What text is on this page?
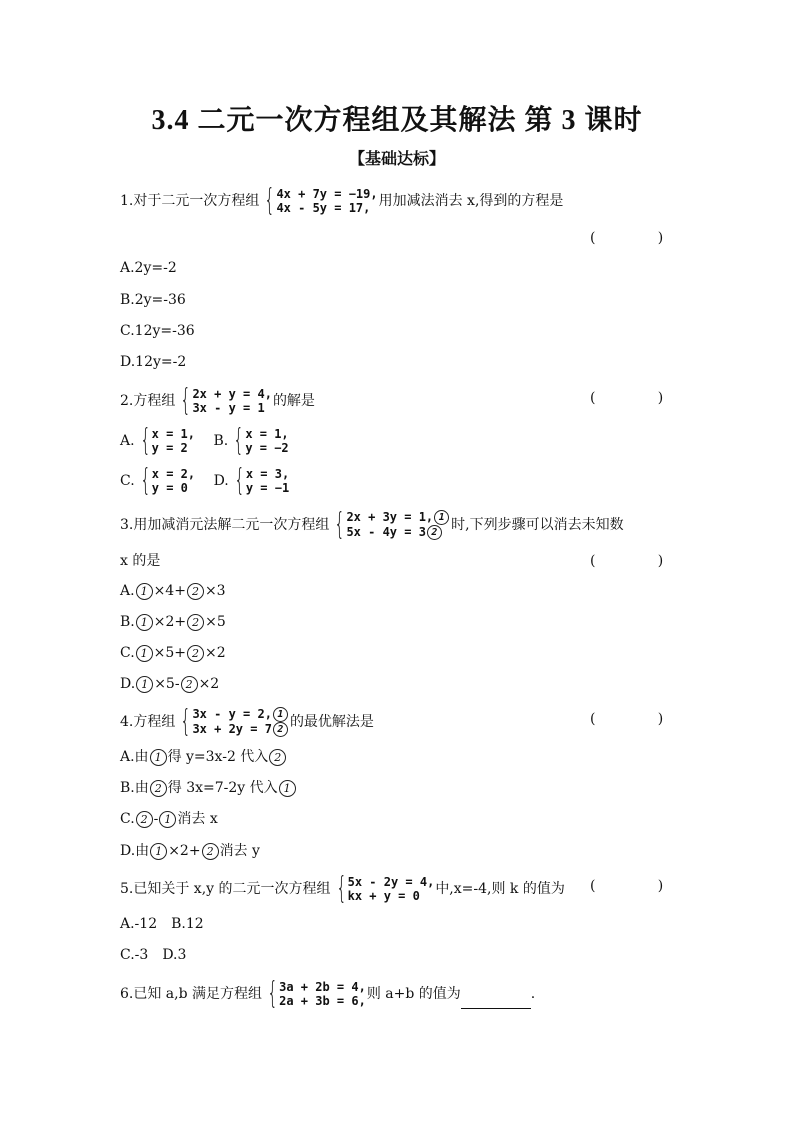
3.4 二元一次方程组及其解法 第 3 课时
【基础达标】
1.对于二元一次方程组 { 4x + 7y = −19,
4x - 5y = 17, 用加减法消去 x,得到的方程是
(              )
A.2y=-2
B.2y=-36
C.12y=-36
D.12y=-2
2.方程组 { 2x + y = 4,
3x - y = 1 的解是	(              )
A. { x = 1,
y = 2	B. { x = 1,
y = −2
C. { x = 2,
y = 0	D. { x = 3,
y = −1
3.用加减消元法解二元一次方程组 { 2x + 3y = 1, 1
5x - 4y = 3 2 时,下列步骤可以消去未知数
x 的是	(              )
A. 1 ×4+ 2 ×3
B. 1 ×2+ 2 ×5
C. 1 ×5+ 2 ×2
D. 1 ×5- 2 ×2
4.方程组 { 3x - y = 2, 1
3x + 2y = 7 2 的最优解法是	(              )
A.由 1 得 y=3x-2 代入 2
B.由 2 得 3x=7-2y 代入 1
C. 2 - 1 消去 x
D.由 1 ×2+ 2 消去 y
5.已知关于 x,y 的二元一次方程组 { 5x - 2y = 4,
kx + y = 0	中,x=-4,则 k 的值为 (              )
A.-12 B.12
C.-3 D.3
6.已知 a,b 满足方程组 { 3a + 2b = 4,
2a + 3b = 6, 则 a+b 的值为	.
